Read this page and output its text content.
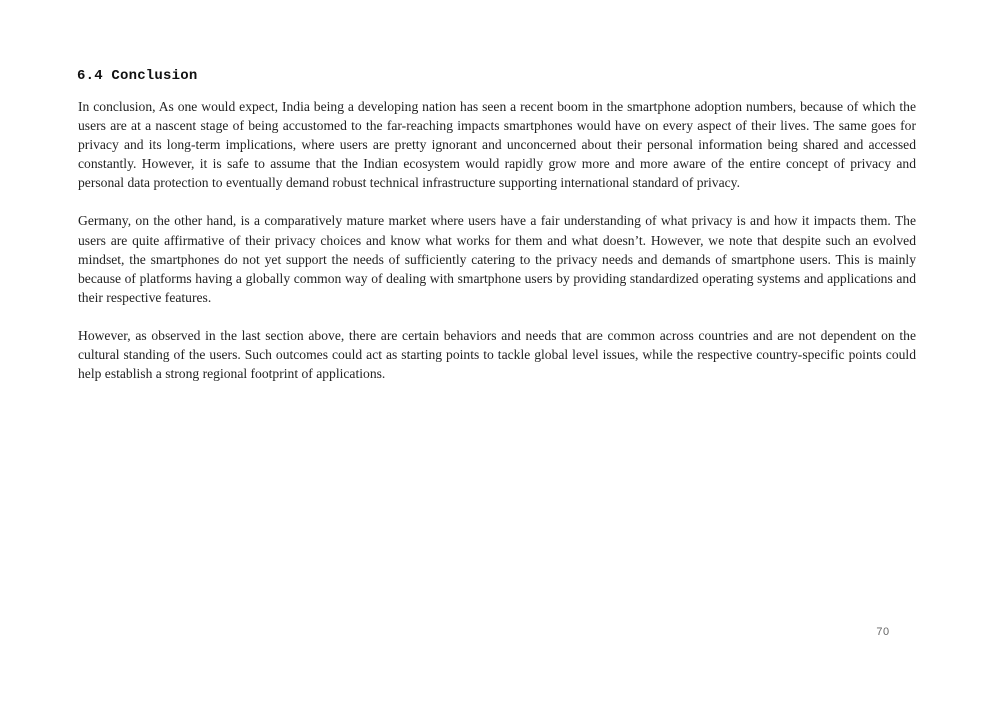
6.4 Conclusion

In conclusion, As one would expect, India being a developing nation has seen a recent boom in the smartphone adoption numbers, because of which the users are at a nascent stage of being accustomed to the far-reaching impacts smartphones would have on every aspect of their lives. The same goes for privacy and its long-term implications, where users are pretty ignorant and unconcerned about their personal information being shared and accessed constantly. However, it is safe to assume that the Indian ecosystem would rapidly grow more and more aware of the entire concept of privacy and personal data protection to eventually demand robust technical infrastructure supporting international standard of privacy.

Germany, on the other hand, is a comparatively mature market where users have a fair understanding of what privacy is and how it impacts them. The users are quite affirmative of their privacy choices and know what works for them and what doesn’t. However, we note that despite such an evolved mindset, the smartphones do not yet support the needs of sufficiently catering to the privacy needs and demands of smartphone users. This is mainly because of platforms having a globally common way of dealing with smartphone users by providing standardized operating systems and applications and their respective features.

However, as observed in the last section above, there are certain behaviors and needs that are common across countries and are not dependent on the cultural standing of the users. Such outcomes could act as starting points to tackle global level issues, while the respective country-specific points could help establish a strong regional footprint of applications.

70
